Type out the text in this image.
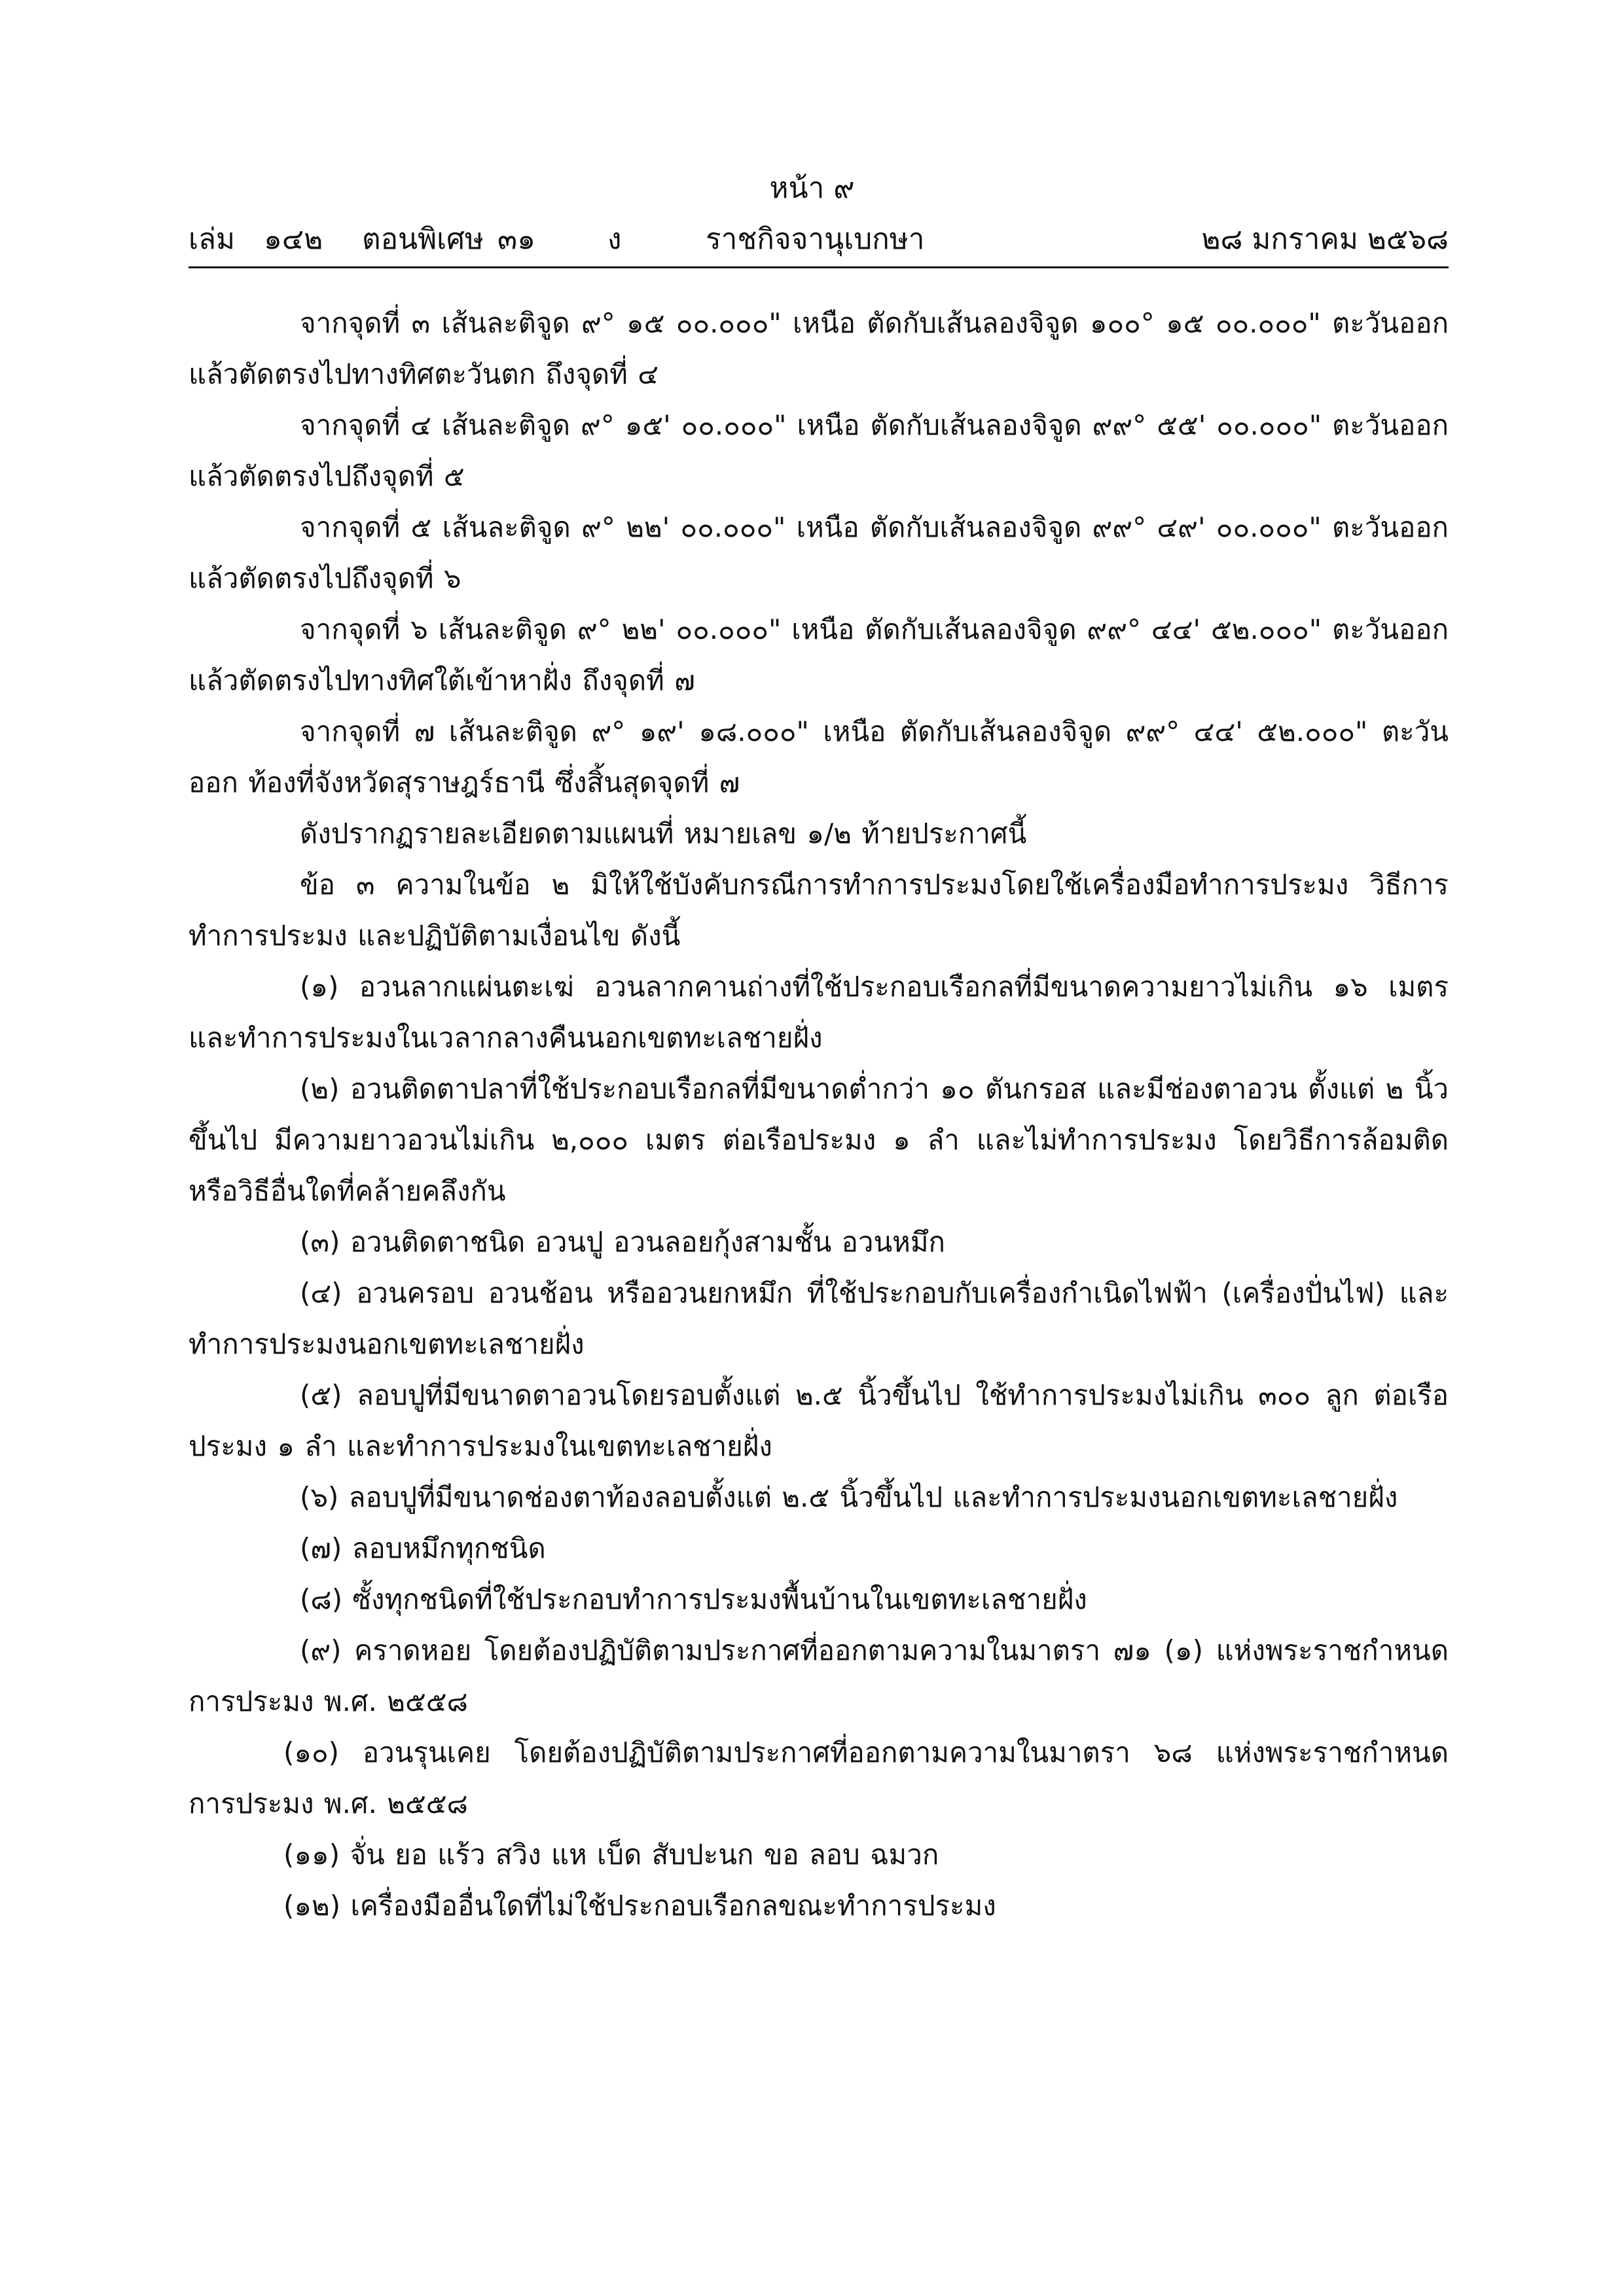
หน้า ๙
เล่ม ๑๔๒ ตอนพิเศษ ๓๑ ง	ราชกิจจานุเบกษา	๒๘ มกราคม ๒๕๖๘

จากจุดที่ ๓ เส้นละติจูด ๙° ๑๕ ๐๐.๐๐๐" เหนือ ตัดกับเส้นลองจิจูด ๑๐๐° ๑๕ ๐๐.๐๐๐" ตะวันออก แล้วตัดตรงไปทางทิศตะวันตก ถึงจุดที่ ๔

จากจุดที่ ๔ เส้นละติจูด ๙° ๑๕' ๐๐.๐๐๐" เหนือ ตัดกับเส้นลองจิจูด ๙๙° ๕๕' ๐๐.๐๐๐" ตะวันออก แล้วตัดตรงไปถึงจุดที่ ๕

จากจุดที่ ๕ เส้นละติจูด ๙° ๒๒' ๐๐.๐๐๐" เหนือ ตัดกับเส้นลองจิจูด ๙๙° ๔๙' ๐๐.๐๐๐" ตะวันออก แล้วตัดตรงไปถึงจุดที่ ๖

จากจุดที่ ๖ เส้นละติจูด ๙° ๒๒' ๐๐.๐๐๐" เหนือ ตัดกับเส้นลองจิจูด ๙๙° ๔๔' ๕๒.๐๐๐" ตะวันออก แล้วตัดตรงไปทางทิศใต้เข้าหาฝั่ง ถึงจุดที่ ๗

จากจุดที่ ๗ เส้นละติจูด ๙° ๑๙' ๑๘.๐๐๐" เหนือ ตัดกับเส้นลองจิจูด ๙๙° ๔๔' ๕๒.๐๐๐" ตะวันออก ท้องที่จังหวัดสุราษฎร์ธานี ซึ่งสิ้นสุดจุดที่ ๗

ดังปรากฏรายละเอียดตามแผนที่ หมายเลข ๑/๒ ท้ายประกาศนี้

ข้อ ๓ ความในข้อ ๒ มิให้ใช้บังคับกรณีการทำการประมงโดยใช้เครื่องมือทำการประมง วิธีการทำการประมง และปฏิบัติตามเงื่อนไข ดังนี้

(๑) อวนลากแผ่นตะเฆ่ อวนลากคานถ่างที่ใช้ประกอบเรือกลที่มีขนาดความยาวไม่เกิน ๑๖ เมตร และทำการประมงในเวลากลางคืนนอกเขตทะเลชายฝั่ง

(๒) อวนติดตาปลาที่ใช้ประกอบเรือกลที่มีขนาดต่ำกว่า ๑๐ ตันกรอส และมีช่องตาอวน ตั้งแต่ ๒ นิ้วขึ้นไป มีความยาวอวนไม่เกิน ๒,๐๐๐ เมตร ต่อเรือประมง ๑ ลำ และไม่ทำการประมง โดยวิธีการล้อมติด หรือวิธีอื่นใดที่คล้ายคลึงกัน

(๓) อวนติดตาชนิด อวนปู อวนลอยกุ้งสามชั้น อวนหมึก

(๔) อวนครอบ อวนช้อน หรืออวนยกหมึก ที่ใช้ประกอบกับเครื่องกำเนิดไฟฟ้า (เครื่องปั่นไฟ) และทำการประมงนอกเขตทะเลชายฝั่ง

(๕) ลอบปูที่มีขนาดตาอวนโดยรอบตั้งแต่ ๒.๕ นิ้วขึ้นไป ใช้ทำการประมงไม่เกิน ๓๐๐ ลูก ต่อเรือประมง ๑ ลำ และทำการประมงในเขตทะเลชายฝั่ง

(๖) ลอบปูที่มีขนาดช่องตาท้องลอบตั้งแต่ ๒.๕ นิ้วขึ้นไป และทำการประมงนอกเขตทะเลชายฝั่ง

(๗) ลอบหมึกทุกชนิด

(๘) ซั้งทุกชนิดที่ใช้ประกอบทำการประมงพื้นบ้านในเขตทะเลชายฝั่ง

(๙) คราดหอย โดยต้องปฏิบัติตามประกาศที่ออกตามความในมาตรา ๗๑ (๑) แห่งพระราชกำหนด การประมง พ.ศ. ๒๕๕๘

(๑๐) อวนรุนเคย โดยต้องปฏิบัติตามประกาศที่ออกตามความในมาตรา ๖๘ แห่งพระราชกำหนด การประมง พ.ศ. ๒๕๕๘

(๑๑) จั่น ยอ แร้ว สวิง แห เบ็ด สับปะนก ขอ ลอบ ฉมวก

(๑๒) เครื่องมืออื่นใดที่ไม่ใช้ประกอบเรือกลขณะทำการประมง
